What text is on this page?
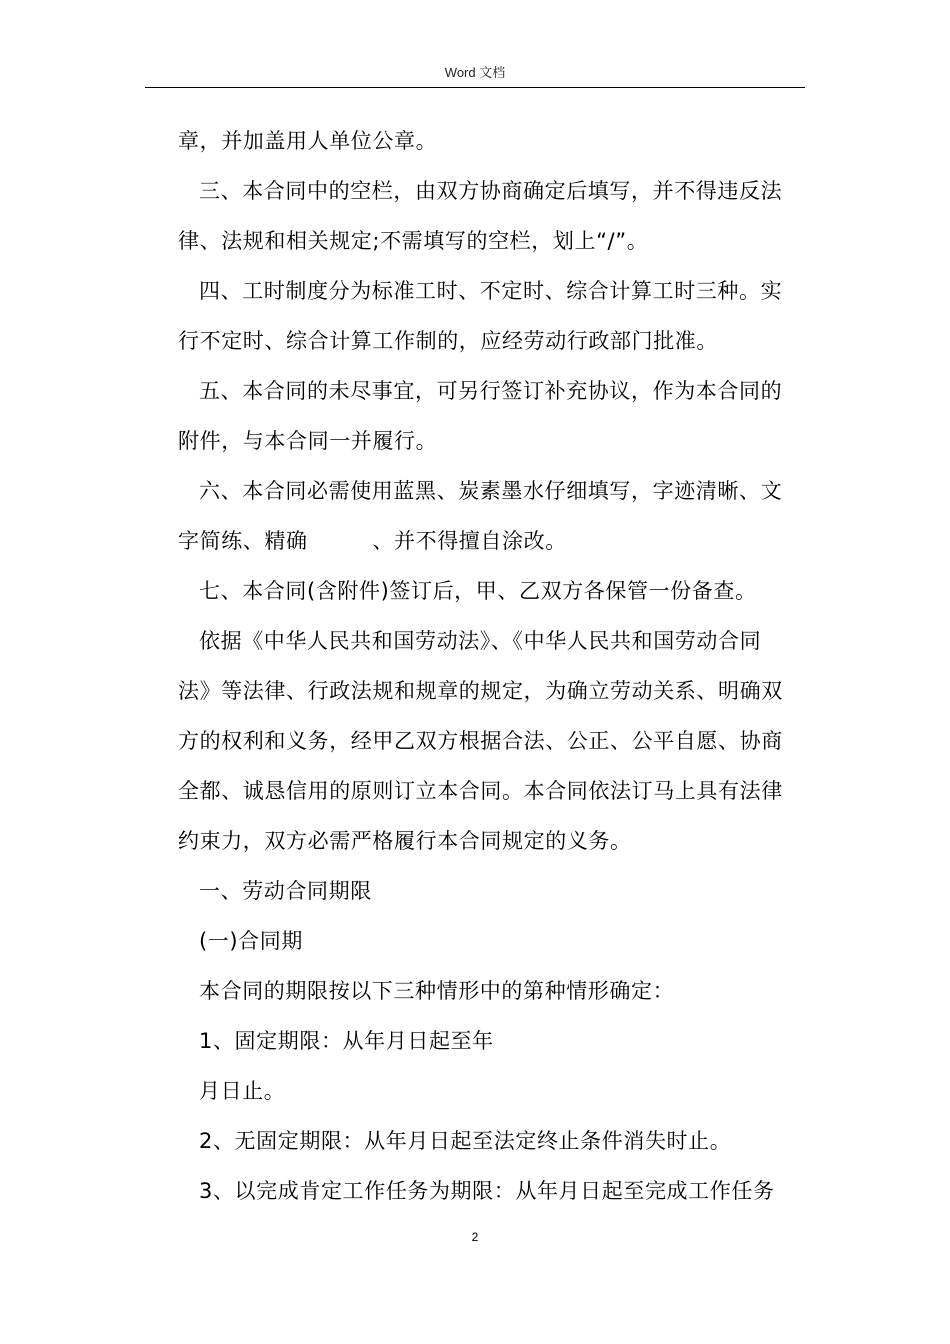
Word 文档
章，并加盖用人单位公章。
三、本合同中的空栏，由双方协商确定后填写，并不得违反法
律、法规和相关规定;不需填写的空栏，划上“/”。
四、工时制度分为标准工时、不定时、综合计算工时三种。实
行不定时、综合计算工作制的，应经劳动行政部门批准。
五、本合同的未尽事宜，可另行签订补充协议，作为本合同的
附件，与本合同一并履行。
六、本合同必需使用蓝黑、炭素墨水仔细填写，字迹清晰、文
字简练、精确　　　、并不得擅自涂改。
七、本合同(含附件)签订后，甲、乙双方各保管一份备查。
依据《中华人民共和国劳动法》、《中华人民共和国劳动合同
法》等法律、行政法规和规章的规定，为确立劳动关系、明确双
方的权利和义务，经甲乙双方根据合法、公正、公平自愿、协商
全都、诚恳信用的原则订立本合同。本合同依法订马上具有法律
约束力，双方必需严格履行本合同规定的义务。
一、劳动合同期限
(一)合同期
本合同的期限按以下三种情形中的第种情形确定：
1、固定期限：从年月日起至年
月日止。
2、无固定期限：从年月日起至法定终止条件消失时止。
3、以完成肯定工作任务为期限：从年月日起至完成工作任务
2
